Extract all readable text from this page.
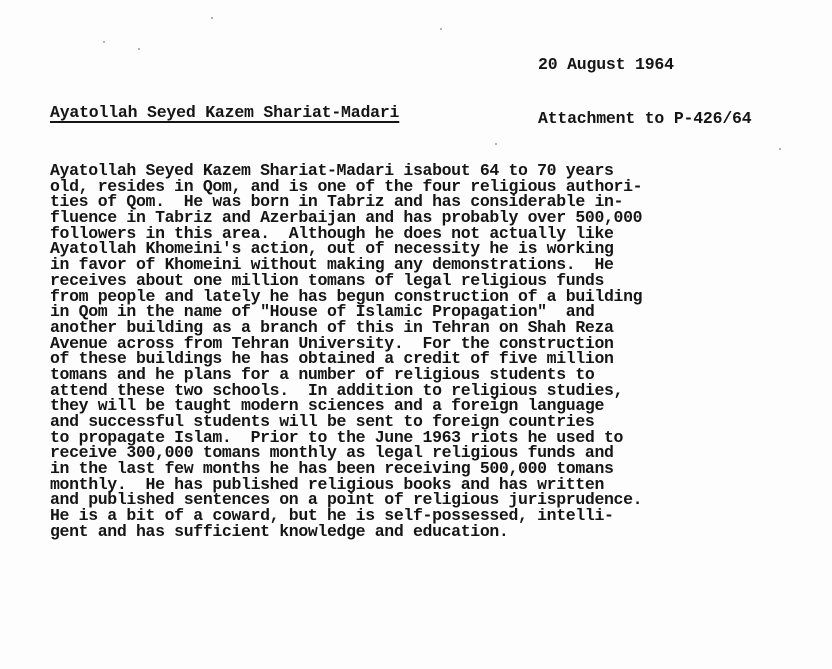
20 August 1964

Attachment to P-426/64

Ayatollah Seyed Kazem Shariat-Madari
Ayatollah Seyed Kazem Shariat-Madari isabout 64 to 70 years
old, resides in Qom, and is one of the four religious authori-
ties of Qom.  He was born in Tabriz and has considerable in-
fluence in Tabriz and Azerbaijan and has probably over 500,000
followers in this area.  Although he does not actually like
Ayatollah Khomeini's action, out of necessity he is working
in favor of Khomeini without making any demonstrations.  He
receives about one million tomans of legal religious funds
from people and lately he has begun construction of a building
in Qom in the name of "House of Islamic Propagation"  and
another building as a branch of this in Tehran on Shah Reza
Avenue across from Tehran University.  For the construction
of these buildings he has obtained a credit of five million
tomans and he plans for a number of religious students to
attend these two schools.  In addition to religious studies,
they will be taught modern sciences and a foreign language
and successful students will be sent to foreign countries
to propagate Islam.  Prior to the June 1963 riots he used to
receive 300,000 tomans monthly as legal religious funds and
in the last few months he has been receiving 500,000 tomans
monthly.  He has published religious books and has written
and published sentences on a point of religious jurisprudence.
He is a bit of a coward, but he is self-possessed, intelli-
gent and has sufficient knowledge and education.
